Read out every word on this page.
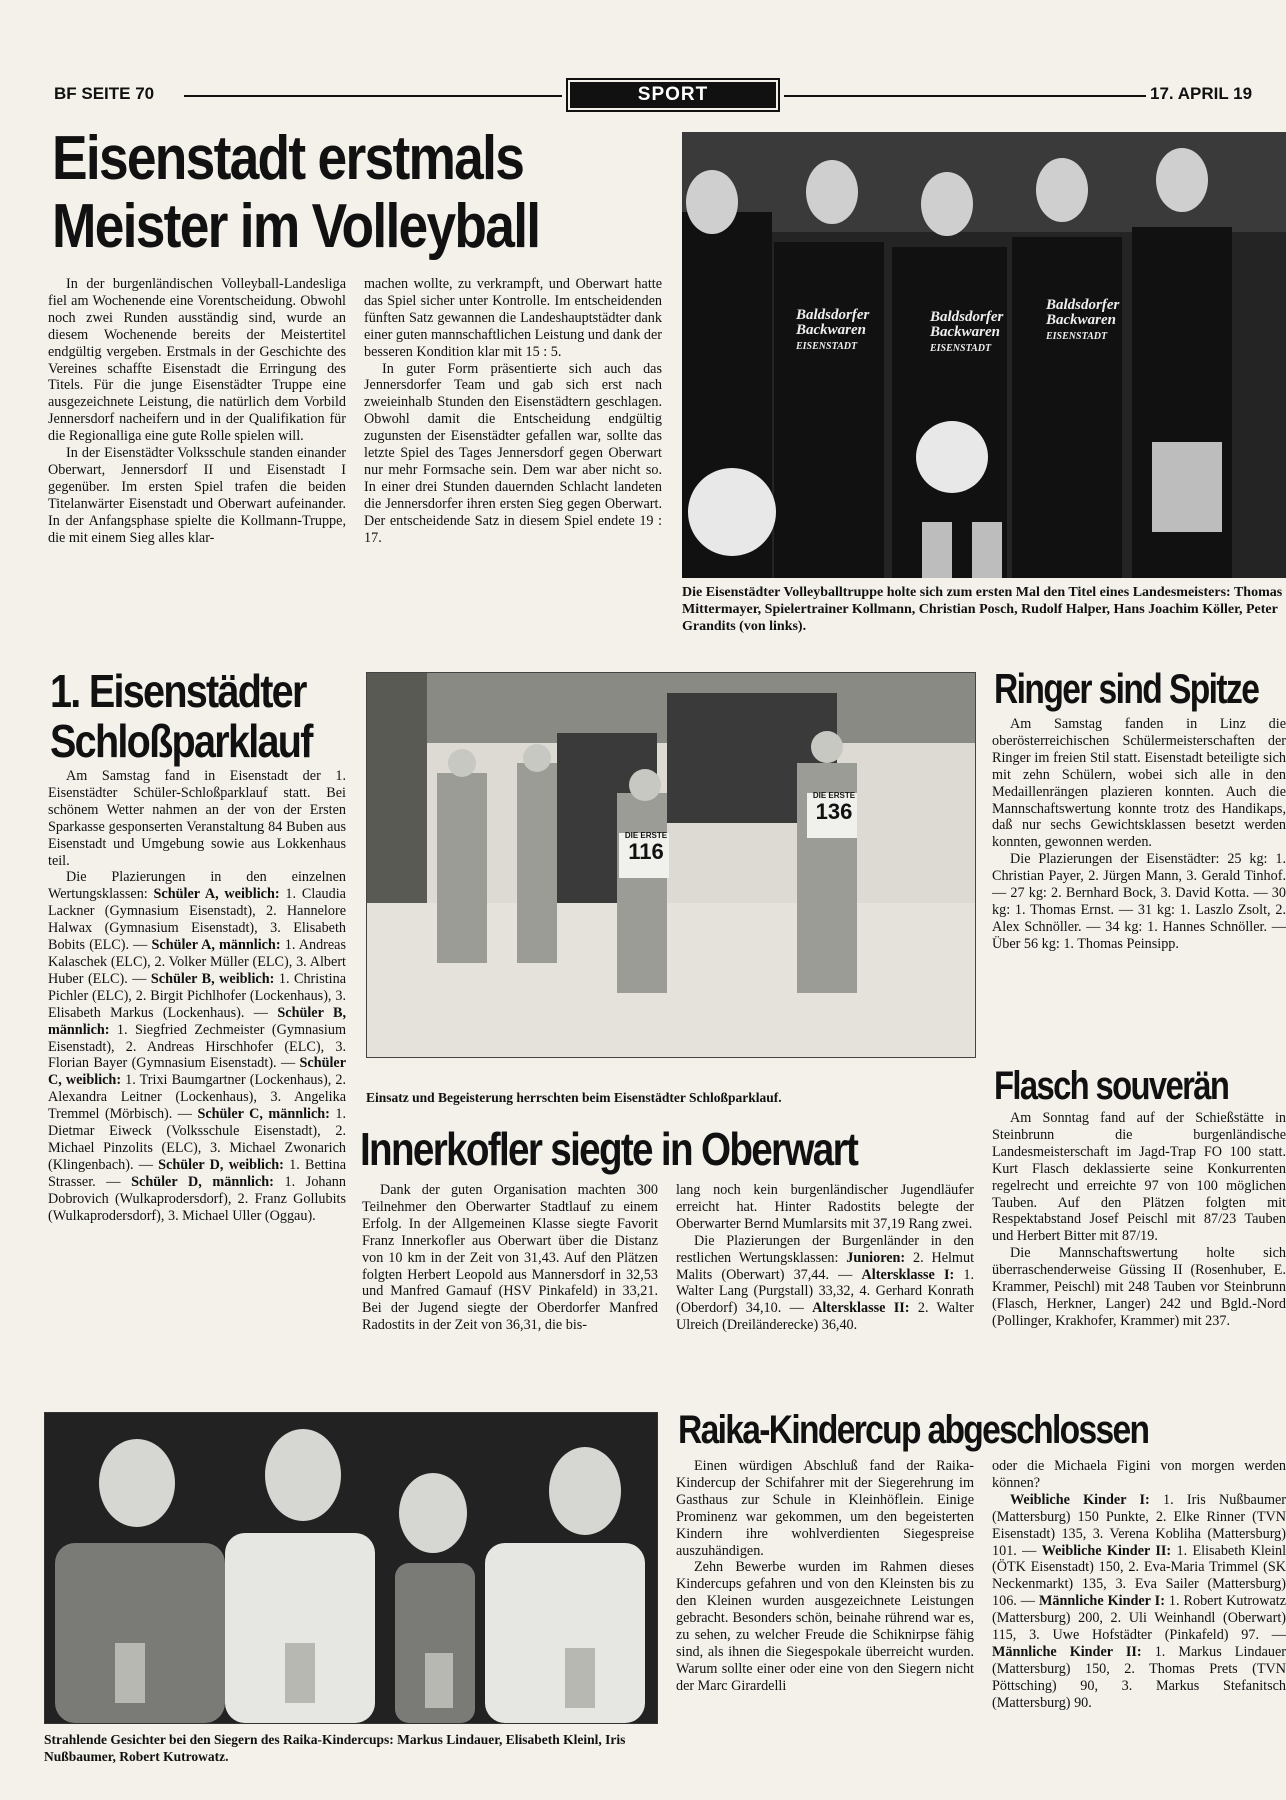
BF SEITE 70	SPORT	17. APRIL 19
Eisenstadt erstmals
Meister im Volleyball

In der burgenländischen Volleyball-Landesliga fiel am Wochenende eine Vorentscheidung. Obwohl noch zwei Runden ausständig sind, wurde an diesem Wochenende bereits der Meistertitel endgültig vergeben. Erstmals in der Geschichte des Vereines schaffte Eisenstadt die Erringung des Titels. Für die junge Eisenstädter Truppe eine ausgezeichnete Leistung, die natürlich dem Vorbild Jennersdorf nacheifern und in der Qualifikation für die Regionalliga eine gute Rolle spielen will.

In der Eisenstädter Volksschule standen einander Oberwart, Jennersdorf II und Eisenstadt I gegenüber. Im ersten Spiel trafen die beiden Titelanwärter Eisenstadt und Oberwart aufeinander. In der Anfangsphase spielte die Kollmann-Truppe, die mit einem Sieg alles klar-

machen wollte, zu verkrampft, und Oberwart hatte das Spiel sicher unter Kontrolle. Im entscheidenden fünften Satz gewannen die Landeshauptstädter dank einer guten mannschaftlichen Leistung und dank der besseren Kondition klar mit 15 : 5.

In guter Form präsentierte sich auch das Jennersdorfer Team und gab sich erst nach zweieinhalb Stunden den Eisenstädtern geschlagen. Obwohl damit die Entscheidung endgültig zugunsten der Eisenstädter gefallen war, sollte das letzte Spiel des Tages Jennersdorf gegen Oberwart nur mehr Formsache sein. Dem war aber nicht so. In einer drei Stunden dauernden Schlacht landeten die Jennersdorfer ihren ersten Sieg gegen Oberwart. Der entscheidende Satz in diesem Spiel endete 19 : 17.

Baldsdorfer Backwaren
EISENSTADT
Baldsdorfer Backwaren
EISENSTADT
Baldsdorfer Backwaren
EISENSTADT
Die Eisenstädter Volleyballtruppe holte sich zum ersten Mal den Titel eines Landesmeisters: Thomas Mittermayer, Spielertrainer Kollmann, Christian Posch, Rudolf Halper, Hans Joachim Köller, Peter Grandits (von links).
1. Eisenstädter
Schloßparklauf

Am Samstag fand in Eisenstadt der 1. Eisenstädter Schüler-Schloßparklauf statt. Bei schönem Wetter nahmen an der von der Ersten Sparkasse gesponserten Veranstaltung 84 Buben aus Eisenstadt und Umgebung sowie aus Lokkenhaus teil.

Die Plazierungen in den einzelnen Wertungsklassen: Schüler A, weiblich: 1. Claudia Lackner (Gymnasium Eisenstadt), 2. Hannelore Halwax (Gymnasium Eisenstadt), 3. Elisabeth Bobits (ELC). — Schüler A, männlich: 1. Andreas Kalaschek (ELC), 2. Volker Müller (ELC), 3. Albert Huber (ELC). — Schüler B, weiblich: 1. Christina Pichler (ELC), 2. Birgit Pichlhofer (Lockenhaus), 3. Elisabeth Markus (Lockenhaus). — Schüler B, männlich: 1. Siegfried Zechmeister (Gymnasium Eisenstadt), 2. Andreas Hirschhofer (ELC), 3. Florian Bayer (Gymnasium Eisenstadt). — Schüler C, weiblich: 1. Trixi Baumgartner (Lockenhaus), 2. Alexandra Leitner (Lockenhaus), 3. Angelika Tremmel (Mörbisch). — Schüler C, männlich: 1. Dietmar Eiweck (Volksschule Eisenstadt), 2. Michael Pinzolits (ELC), 3. Michael Zwonarich (Klingenbach). — Schüler D, weiblich: 1. Bettina Strasser. — Schüler D, männlich: 1. Johann Dobrovich (Wulkaprodersdorf), 2. Franz Gollubits (Wulkaprodersdorf), 3. Michael Uller (Oggau).

DIE ERSTE
116
DIE ERSTE
136
Einsatz und Begeisterung herrschten beim Eisenstädter Schloßparklauf.
Ringer sind Spitze

Am Samstag fanden in Linz die oberösterreichischen Schülermeisterschaften der Ringer im freien Stil statt. Eisenstadt beteiligte sich mit zehn Schülern, wobei sich alle in den Medaillenrängen plazieren konnten. Auch die Mannschaftswertung konnte trotz des Handikaps, daß nur sechs Gewichtsklassen besetzt werden konnten, gewonnen werden.

Die Plazierungen der Eisenstädter: 25 kg: 1. Christian Payer, 2. Jürgen Mann, 3. Gerald Tinhof. — 27 kg: 2. Bernhard Bock, 3. David Kotta. — 30 kg: 1. Thomas Ernst. — 31 kg: 1. Laszlo Zsolt, 2. Alex Schnöller. — 34 kg: 1. Hannes Schnöller. — Über 56 kg: 1. Thomas Peinsipp.

Flasch souverän

Am Sonntag fand auf der Schießstätte in Steinbrunn die burgenländische Landesmeisterschaft im Jagd-Trap FO 100 statt. Kurt Flasch deklassierte seine Konkurrenten regelrecht und erreichte 97 von 100 möglichen Tauben. Auf den Plätzen folgten mit Respektabstand Josef Peischl mit 87/23 Tauben und Herbert Bitter mit 87/19.

Die Mannschaftswertung holte sich überraschenderweise Güssing II (Rosenhuber, E. Krammer, Peischl) mit 248 Tauben vor Steinbrunn (Flasch, Herkner, Langer) 242 und Bgld.-Nord (Pollinger, Krakhofer, Krammer) mit 237.

Innerkofler siegte in Oberwart

Dank der guten Organisation machten 300 Teilnehmer den Oberwarter Stadtlauf zu einem Erfolg. In der Allgemeinen Klasse siegte Favorit Franz Innerkofler aus Oberwart über die Distanz von 10 km in der Zeit von 31,43. Auf den Plätzen folgten Herbert Leopold aus Mannersdorf in 32,53 und Manfred Gamauf (HSV Pinkafeld) in 33,21. Bei der Jugend siegte der Oberdorfer Manfred Radostits in der Zeit von 36,31, die bis-

lang noch kein burgenländischer Jugendläufer erreicht hat. Hinter Radostits belegte der Oberwarter Bernd Mumlarsits mit 37,19 Rang zwei.

Die Plazierungen der Burgenländer in den restlichen Wertungsklassen: Junioren: 2. Helmut Malits (Oberwart) 37,44. — Altersklasse I: 1. Walter Lang (Purgstall) 33,32, 4. Gerhard Konrath (Oberdorf) 34,10. — Altersklasse II: 2. Walter Ulreich (Dreiländerecke) 36,40.

Strahlende Gesichter bei den Siegern des Raika-Kindercups: Markus Lindauer, Elisabeth Kleinl, Iris Nußbaumer, Robert Kutrowatz.
Raika-Kindercup abgeschlossen

Einen würdigen Abschluß fand der Raika-Kindercup der Schifahrer mit der Siegerehrung im Gasthaus zur Schule in Kleinhöflein. Einige Prominenz war gekommen, um den begeisterten Kindern ihre wohlverdienten Siegespreise auszuhändigen.

Zehn Bewerbe wurden im Rahmen dieses Kindercups gefahren und von den Kleinsten bis zu den Kleinen wurden ausgezeichnete Leistungen gebracht. Besonders schön, beinahe rührend war es, zu sehen, zu welcher Freude die Schiknirpse fähig sind, als ihnen die Siegespokale überreicht wurden. Warum sollte einer oder eine von den Siegern nicht der Marc Girardelli

oder die Michaela Figini von morgen werden können?

Weibliche Kinder I: 1. Iris Nußbaumer (Mattersburg) 150 Punkte, 2. Elke Rinner (TVN Eisenstadt) 135, 3. Verena Kobliha (Mattersburg) 101. — Weibliche Kinder II: 1. Elisabeth Kleinl (ÖTK Eisenstadt) 150, 2. Eva-Maria Trimmel (SK Neckenmarkt) 135, 3. Eva Sailer (Mattersburg) 106. — Männliche Kinder I: 1. Robert Kutrowatz (Mattersburg) 200, 2. Uli Weinhandl (Oberwart) 115, 3. Uwe Hofstädter (Pinkafeld) 97. — Männliche Kinder II: 1. Markus Lindauer (Mattersburg) 150, 2. Thomas Prets (TVN Pöttsching) 90, 3. Markus Stefanitsch (Mattersburg) 90.
